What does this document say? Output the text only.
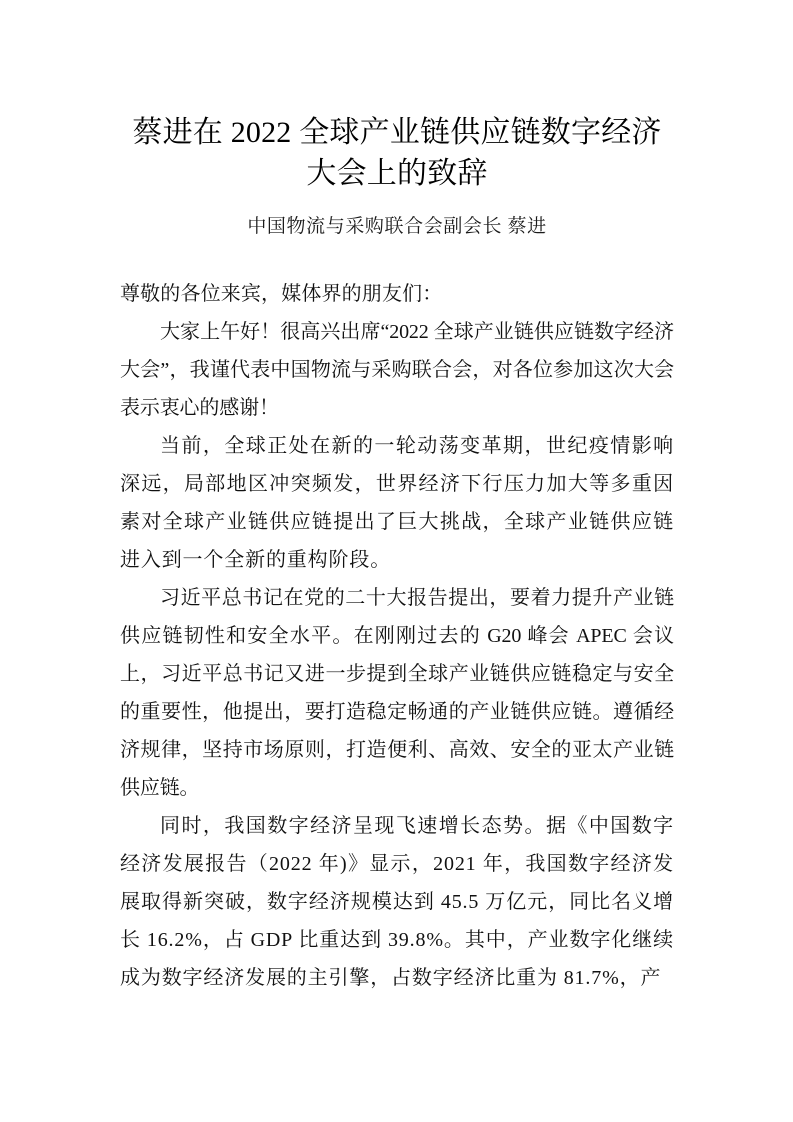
蔡进在 2022 全球产业链供应链数字经济大会上的致辞
中国物流与采购联合会副会长 蔡进

尊敬的各位来宾，媒体界的朋友们：

大家上午好！很高兴出席“2022 全球产业链供应链数字经济大会”，我谨代表中国物流与采购联合会，对各位参加这次大会表示衷心的感谢！

当前，全球正处在新的一轮动荡变革期，世纪疫情影响深远，局部地区冲突频发，世界经济下行压力加大等多重因素对全球产业链供应链提出了巨大挑战，全球产业链供应链进入到一个全新的重构阶段。

习近平总书记在党的二十大报告提出，要着力提升产业链供应链韧性和安全水平。在刚刚过去的 G20 峰会 APEC 会议上，习近平总书记又进一步提到全球产业链供应链稳定与安全的重要性，他提出，要打造稳定畅通的产业链供应链。遵循经济规律，坚持市场原则，打造便利、高效、安全的亚太产业链供应链。

同时，我国数字经济呈现飞速增长态势。据《中国数字经济发展报告（2022 年)》显示，2021 年，我国数字经济发展取得新突破，数字经济规模达到 45.5 万亿元，同比名义增长 16.2%，占 GDP 比重达到 39.8%。其中，产业数字化继续成为数字经济发展的主引擎，占数字经济比重为 81.7%，产
